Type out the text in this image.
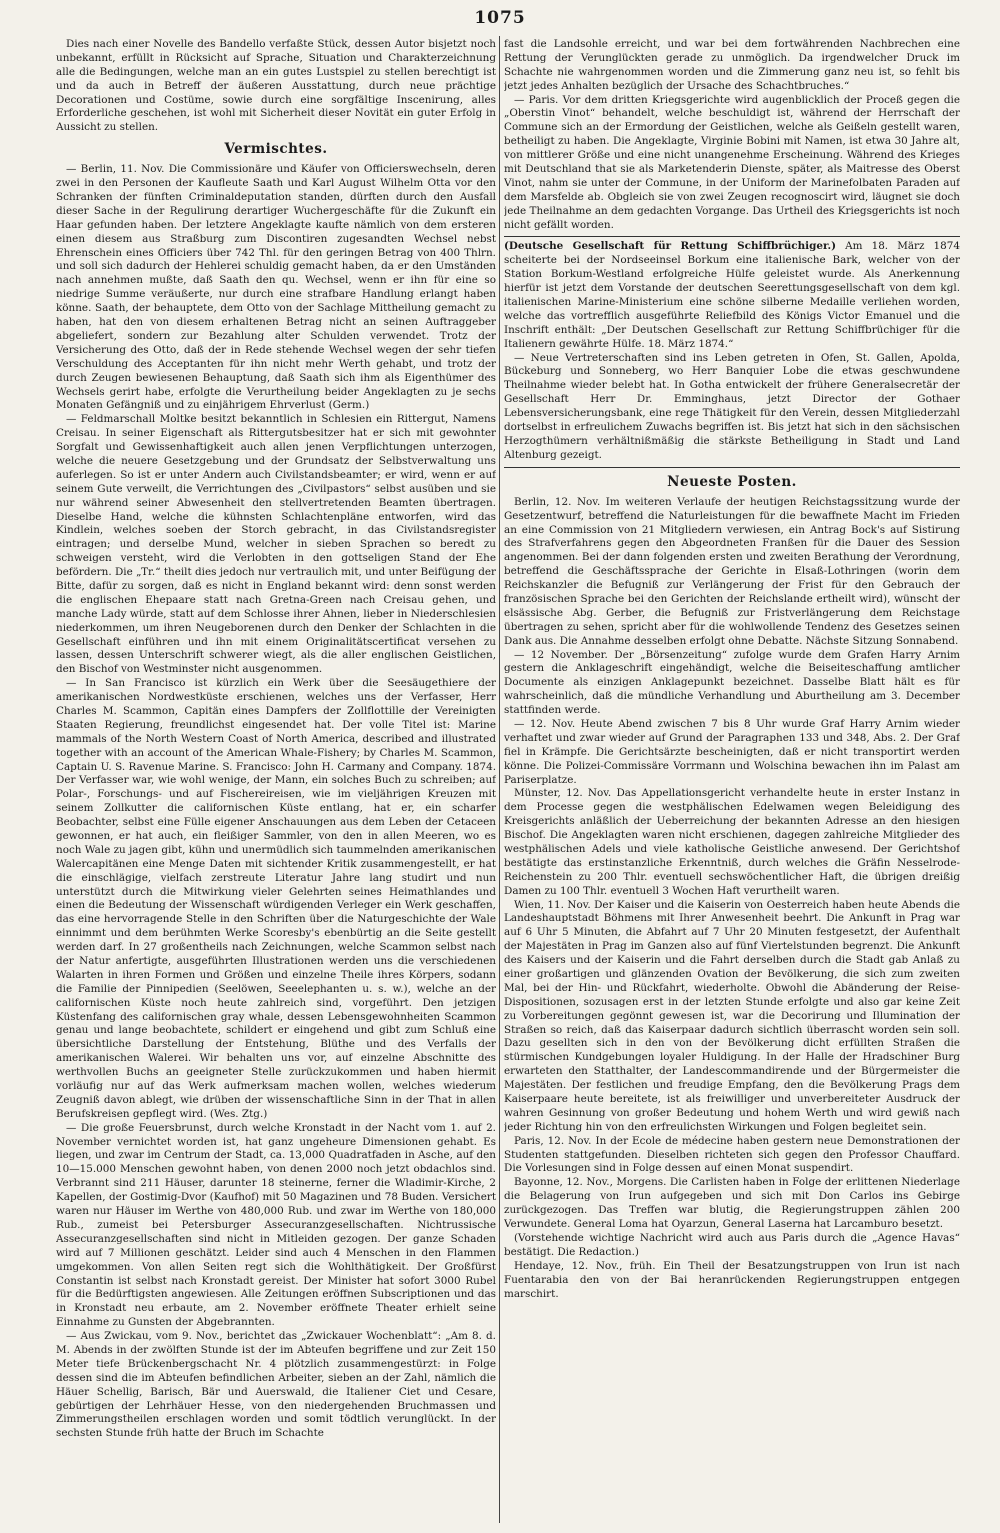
1075

Dies nach einer Novelle des Bandello verfaßte Stück, dessen Autor bisjetzt noch unbekannt, erfüllt in Rücksicht auf Sprache, Situation und Charakterzeichnung alle die Bedingungen, welche man an ein gutes Lustspiel zu stellen berechtigt ist und da auch in Betreff der äußeren Ausstattung, durch neue prächtige Decorationen und Costüme, sowie durch eine sorgfältige Inscenirung, alles Erforderliche geschehen, ist wohl mit Sicherheit dieser Novität ein guter Erfolg in Aussicht zu stellen.

Vermischtes.

— Berlin, 11. Nov. Die Commissionäre und Käufer von Officierswechseln, deren zwei in den Personen der Kaufleute Saath und Karl August Wilhelm Otta vor den Schranken der fünften Criminaldeputation standen, dürften durch den Ausfall dieser Sache in der Regulirung derartiger Wuchergeschäfte für die Zukunft ein Haar gefunden haben. Der letztere Angeklagte kaufte nämlich von dem ersteren einen diesem aus Straßburg zum Discontiren zugesandten Wechsel nebst Ehrenschein eines Officiers über 742 Thl. für den geringen Betrag von 400 Thlrn. und soll sich dadurch der Hehlerei schuldig gemacht haben, da er den Umständen nach annehmen mußte, daß Saath den qu. Wechsel, wenn er ihn für eine so niedrige Summe veräußerte, nur durch eine strafbare Handlung erlangt haben könne. Saath, der behauptete, dem Otto von der Sachlage Mittheilung gemacht zu haben, hat den von diesem erhaltenen Betrag nicht an seinen Auftraggeber abgeliefert, sondern zur Bezahlung alter Schulden verwendet. Trotz der Versicherung des Otto, daß der in Rede stehende Wechsel wegen der sehr tiefen Verschuldung des Acceptanten für ihn nicht mehr Werth gehabt, und trotz der durch Zeugen bewiesenen Behauptung, daß Saath sich ihm als Eigenthümer des Wechsels gerirt habe, erfolgte die Verurtheilung beider Angeklagten zu je sechs Monaten Gefängniß und zu einjährigem Ehrverlust (Germ.)

— Feldmarschall Moltke besitzt bekanntlich in Schlesien ein Rittergut, Namens Creisau. In seiner Eigenschaft als Rittergutsbesitzer hat er sich mit gewohnter Sorgfalt und Gewissenhaftigkeit auch allen jenen Verpflichtungen unterzogen, welche die neuere Gesetzgebung und der Grundsatz der Selbstverwaltung uns auferlegen. So ist er unter Andern auch Civilstandsbeamter; er wird, wenn er auf seinem Gute verweilt, die Verrichtungen des „Civilpastors“ selbst ausüben und sie nur während seiner Abwesenheit den stellvertretenden Beamten übertragen. Dieselbe Hand, welche die kühnsten Schlachtenpläne entworfen, wird das Kindlein, welches soeben der Storch gebracht, in das Civilstandsregister eintragen; und derselbe Mund, welcher in sieben Sprachen so beredt zu schweigen versteht, wird die Verlobten in den gottseligen Stand der Ehe befördern. Die „Tr.“ theilt dies jedoch nur vertraulich mit, und unter Beifügung der Bitte, dafür zu sorgen, daß es nicht in England bekannt wird: denn sonst werden die englischen Ehepaare statt nach Gretna-Green nach Creisau gehen, und manche Lady würde, statt auf dem Schlosse ihrer Ahnen, lieber in Niederschlesien niederkommen, um ihren Neugeborenen durch den Denker der Schlachten in die Gesellschaft einführen und ihn mit einem Originalitätscertificat versehen zu lassen, dessen Unterschrift schwerer wiegt, als die aller englischen Geistlichen, den Bischof von Westminster nicht ausgenommen.

— In San Francisco ist kürzlich ein Werk über die Seesäugethiere der amerikanischen Nordwestküste erschienen, welches uns der Verfasser, Herr Charles M. Scammon, Capitän eines Dampfers der Zollflottille der Vereinigten Staaten Regierung, freundlichst eingesendet hat. Der volle Titel ist: Marine mammals of the North Western Coast of North America, described and illustrated together with an account of the American Whale-Fishery; by Charles M. Scammon, Captain U. S. Ravenue Marine. S. Francisco: John H. Carmany and Company. 1874. Der Verfasser war, wie wohl wenige, der Mann, ein solches Buch zu schreiben; auf Polar-, Forschungs- und auf Fischereireisen, wie im vieljährigen Kreuzen mit seinem Zollkutter die californischen Küste entlang, hat er, ein scharfer Beobachter, selbst eine Fülle eigener Anschauungen aus dem Leben der Cetaceen gewonnen, er hat auch, ein fleißiger Sammler, von den in allen Meeren, wo es noch Wale zu jagen gibt, kühn und unermüdlich sich taummelnden amerikanischen Walercapitänen eine Menge Daten mit sichtender Kritik zusammengestellt, er hat die einschlägige, vielfach zerstreute Literatur Jahre lang studirt und nun unterstützt durch die Mitwirkung vieler Gelehrten seines Heimathlandes und einen die Bedeutung der Wissenschaft würdigenden Verleger ein Werk geschaffen, das eine hervorragende Stelle in den Schriften über die Naturgeschichte der Wale einnimmt und dem berühmten Werke Scoresby's ebenbürtig an die Seite gestellt werden darf. In 27 großentheils nach Zeichnungen, welche Scammon selbst nach der Natur anfertigte, ausgeführten Illustrationen werden uns die verschiedenen Walarten in ihren Formen und Größen und einzelne Theile ihres Körpers, sodann die Familie der Pinnipedien (Seelöwen, Seeelephanten u. s. w.), welche an der californischen Küste noch heute zahlreich sind, vorgeführt. Den jetzigen Küstenfang des californischen gray whale, dessen Lebensgewohnheiten Scammon genau und lange beobachtete, schildert er eingehend und gibt zum Schluß eine übersichtliche Darstellung der Entstehung, Blüthe und des Verfalls der amerikanischen Walerei. Wir behalten uns vor, auf einzelne Abschnitte des werthvollen Buchs an geeigneter Stelle zurückzukommen und haben hiermit vorläufig nur auf das Werk aufmerksam machen wollen, welches wiederum Zeugniß davon ablegt, wie drüben der wissenschaftliche Sinn in der That in allen Berufskreisen gepflegt wird. (Wes. Ztg.)

— Die große Feuersbrunst, durch welche Kronstadt in der Nacht vom 1. auf 2. November vernichtet worden ist, hat ganz ungeheure Dimensionen gehabt. Es liegen, und zwar im Centrum der Stadt, ca. 13,000 Quadratfaden in Asche, auf den 10—15.000 Menschen gewohnt haben, von denen 2000 noch jetzt obdachlos sind. Verbrannt sind 211 Häuser, darunter 18 steinerne, ferner die Wladimir-Kirche, 2 Kapellen, der Gostimig-Dvor (Kaufhof) mit 50 Magazinen und 78 Buden. Versichert waren nur Häuser im Werthe von 480,000 Rub. und zwar im Werthe von 180,000 Rub., zumeist bei Petersburger Assecuranzgesellschaften. Nichtrussische Assecuranzgesellschaften sind nicht in Mitleiden gezogen. Der ganze Schaden wird auf 7 Millionen geschätzt. Leider sind auch 4 Menschen in den Flammen umgekommen. Von allen Seiten regt sich die Wohlthätigkeit. Der Großfürst Constantin ist selbst nach Kronstadt gereist. Der Minister hat sofort 3000 Rubel für die Bedürftigsten angewiesen. Alle Zeitungen eröffnen Subscriptionen und das in Kronstadt neu erbaute, am 2. November eröffnete Theater erhielt seine Einnahme zu Gunsten der Abgebrannten.

— Aus Zwickau, vom 9. Nov., berichtet das „Zwickauer Wochenblatt“: „Am 8. d. M. Abends in der zwölften Stunde ist der im Abteufen begriffene und zur Zeit 150 Meter tiefe Brückenbergschacht Nr. 4 plötzlich zusammengestürzt: in Folge dessen sind die im Abteufen befindlichen Arbeiter, sieben an der Zahl, nämlich die Häuer Schellig, Barisch, Bär und Auerswald, die Italiener Ciet und Cesare, gebürtigen der Lehrhäuer Hesse, von den niedergehenden Bruchmassen und Zimmerungstheilen erschlagen worden und somit tödtlich verunglückt. In der sechsten Stunde früh hatte der Bruch im Schachte

fast die Landsohle erreicht, und war bei dem fortwährenden Nachbrechen eine Rettung der Verunglückten gerade zu unmöglich. Da irgendwelcher Druck im Schachte nie wahrgenommen worden und die Zimmerung ganz neu ist, so fehlt bis jetzt jedes Anhalten bezüglich der Ursache des Schachtbruches.“

— Paris. Vor dem dritten Kriegsgerichte wird augenblicklich der Proceß gegen die „Oberstin Vinot“ behandelt, welche beschuldigt ist, während der Herrschaft der Commune sich an der Ermordung der Geistlichen, welche als Geißeln gestellt waren, betheiligt zu haben. Die Angeklagte, Virginie Bobini mit Namen, ist etwa 30 Jahre alt, von mittlerer Größe und eine nicht unangenehme Erscheinung. Während des Krieges mit Deutschland that sie als Marketenderin Dienste, später, als Maitresse des Oberst Vinot, nahm sie unter der Commune, in der Uniform der Marinefolbaten Paraden auf dem Marsfelde ab. Obgleich sie von zwei Zeugen recognoscirt wird, läugnet sie doch jede Theilnahme an dem gedachten Vorgange. Das Urtheil des Kriegsgerichts ist noch nicht gefällt worden.

(Deutsche Gesellschaft für Rettung Schiffbrüchiger.) Am 18. März 1874 scheiterte bei der Nordseeinsel Borkum eine italienische Bark, welcher von der Station Borkum-Westland erfolgreiche Hülfe geleistet wurde. Als Anerkennung hierfür ist jetzt dem Vorstande der deutschen Seerettungsgesellschaft von dem kgl. italienischen Marine-Ministerium eine schöne silberne Medaille verliehen worden, welche das vortrefflich ausgeführte Reliefbild des Königs Victor Emanuel und die Inschrift enthält: „Der Deutschen Gesellschaft zur Rettung Schiffbrüchiger für die Italienern gewährte Hülfe. 18. März 1874.“

— Neue Vertreterschaften sind ins Leben getreten in Ofen, St. Gallen, Apolda, Bückeburg und Sonneberg, wo Herr Banquier Lobe die etwas geschwundene Theilnahme wieder belebt hat. In Gotha entwickelt der frühere Generalsecretär der Gesellschaft Herr Dr. Emminghaus, jetzt Director der Gothaer Lebensversicherungsbank, eine rege Thätigkeit für den Verein, dessen Mitgliederzahl dortselbst in erfreulichem Zuwachs begriffen ist. Bis jetzt hat sich in den sächsischen Herzogthümern verhältnißmäßig die stärkste Betheiligung in Stadt und Land Altenburg gezeigt.

Neueste Posten.

Berlin, 12. Nov. Im weiteren Verlaufe der heutigen Reichstagssitzung wurde der Gesetzentwurf, betreffend die Naturleistungen für die bewaffnete Macht im Frieden an eine Commission von 21 Mitgliedern verwiesen, ein Antrag Bock's auf Sistirung des Strafverfahrens gegen den Abgeordneten Franßen für die Dauer des Session angenommen. Bei der dann folgenden ersten und zweiten Berathung der Verordnung, betreffend die Geschäftssprache der Gerichte in Elsaß-Lothringen (worin dem Reichskanzler die Befugniß zur Verlängerung der Frist für den Gebrauch der französischen Sprache bei den Gerichten der Reichslande ertheilt wird), wünscht der elsässische Abg. Gerber, die Befugniß zur Fristverlängerung dem Reichstage übertragen zu sehen, spricht aber für die wohlwollende Tendenz des Gesetzes seinen Dank aus. Die Annahme desselben erfolgt ohne Debatte. Nächste Sitzung Sonnabend.

— 12 November. Der „Börsenzeitung“ zufolge wurde dem Grafen Harry Arnim gestern die Anklageschrift eingehändigt, welche die Beiseiteschaffung amtlicher Documente als einzigen Anklagepunkt bezeichnet. Dasselbe Blatt hält es für wahrscheinlich, daß die mündliche Verhandlung und Aburtheilung am 3. December stattfinden werde.

— 12. Nov. Heute Abend zwischen 7 bis 8 Uhr wurde Graf Harry Arnim wieder verhaftet und zwar wieder auf Grund der Paragraphen 133 und 348, Abs. 2. Der Graf fiel in Krämpfe. Die Gerichtsärzte bescheinigten, daß er nicht transportirt werden könne. Die Polizei-Commissäre Vorrmann und Wolschina bewachen ihn im Palast am Pariserplatze.

Münster, 12. Nov. Das Appellationsgericht verhandelte heute in erster Instanz in dem Processe gegen die westphälischen Edelwamen wegen Beleidigung des Kreisgerichts anläßlich der Ueberreichung der bekannten Adresse an den hiesigen Bischof. Die Angeklagten waren nicht erschienen, dagegen zahlreiche Mitglieder des westphälischen Adels und viele katholische Geistliche anwesend. Der Gerichtshof bestätigte das erstinstanzliche Erkenntniß, durch welches die Gräfin Nesselrode-Reichenstein zu 200 Thlr. eventuell sechswöchentlicher Haft, die übrigen dreißig Damen zu 100 Thlr. eventuell 3 Wochen Haft verurtheilt waren.

Wien, 11. Nov. Der Kaiser und die Kaiserin von Oesterreich haben heute Abends die Landeshauptstadt Böhmens mit Ihrer Anwesenheit beehrt. Die Ankunft in Prag war auf 6 Uhr 5 Minuten, die Abfahrt auf 7 Uhr 20 Minuten festgesetzt, der Aufenthalt der Majestäten in Prag im Ganzen also auf fünf Viertelstunden begrenzt. Die Ankunft des Kaisers und der Kaiserin und die Fahrt derselben durch die Stadt gab Anlaß zu einer großartigen und glänzenden Ovation der Bevölkerung, die sich zum zweiten Mal, bei der Hin- und Rückfahrt, wiederholte. Obwohl die Abänderung der Reise-Dispositionen, sozusagen erst in der letzten Stunde erfolgte und also gar keine Zeit zu Vorbereitungen gegönnt gewesen ist, war die Decorirung und Illumination der Straßen so reich, daß das Kaiserpaar dadurch sichtlich überrascht worden sein soll. Dazu gesellten sich in den von der Bevölkerung dicht erfüllten Straßen die stürmischen Kundgebungen loyaler Huldigung. In der Halle der Hradschiner Burg erwarteten den Statthalter, der Landescommandirende und der Bürgermeister die Majestäten. Der festlichen und freudige Empfang, den die Bevölkerung Prags dem Kaiserpaare heute bereitete, ist als freiwilliger und unverbereiteter Ausdruck der wahren Gesinnung von großer Bedeutung und hohem Werth und wird gewiß nach jeder Richtung hin von den erfreulichsten Wirkungen und Folgen begleitet sein.

Paris, 12. Nov. In der Ecole de médecine haben gestern neue Demonstrationen der Studenten stattgefunden. Dieselben richteten sich gegen den Professor Chauffard. Die Vorlesungen sind in Folge dessen auf einen Monat suspendirt.

Bayonne, 12. Nov., Morgens. Die Carlisten haben in Folge der erlittenen Niederlage die Belagerung von Irun aufgegeben und sich mit Don Carlos ins Gebirge zurückgezogen. Das Treffen war blutig, die Regierungstruppen zählen 200 Verwundete. General Loma hat Oyarzun, General Laserna hat Larcamburo besetzt.

(Vorstehende wichtige Nachricht wird auch aus Paris durch die „Agence Havas“ bestätigt. Die Redaction.)

Hendaye, 12. Nov., früh. Ein Theil der Besatzungstruppen von Irun ist nach Fuentarabia den von der Bai heranrückenden Regierungstruppen entgegen marschirt.
